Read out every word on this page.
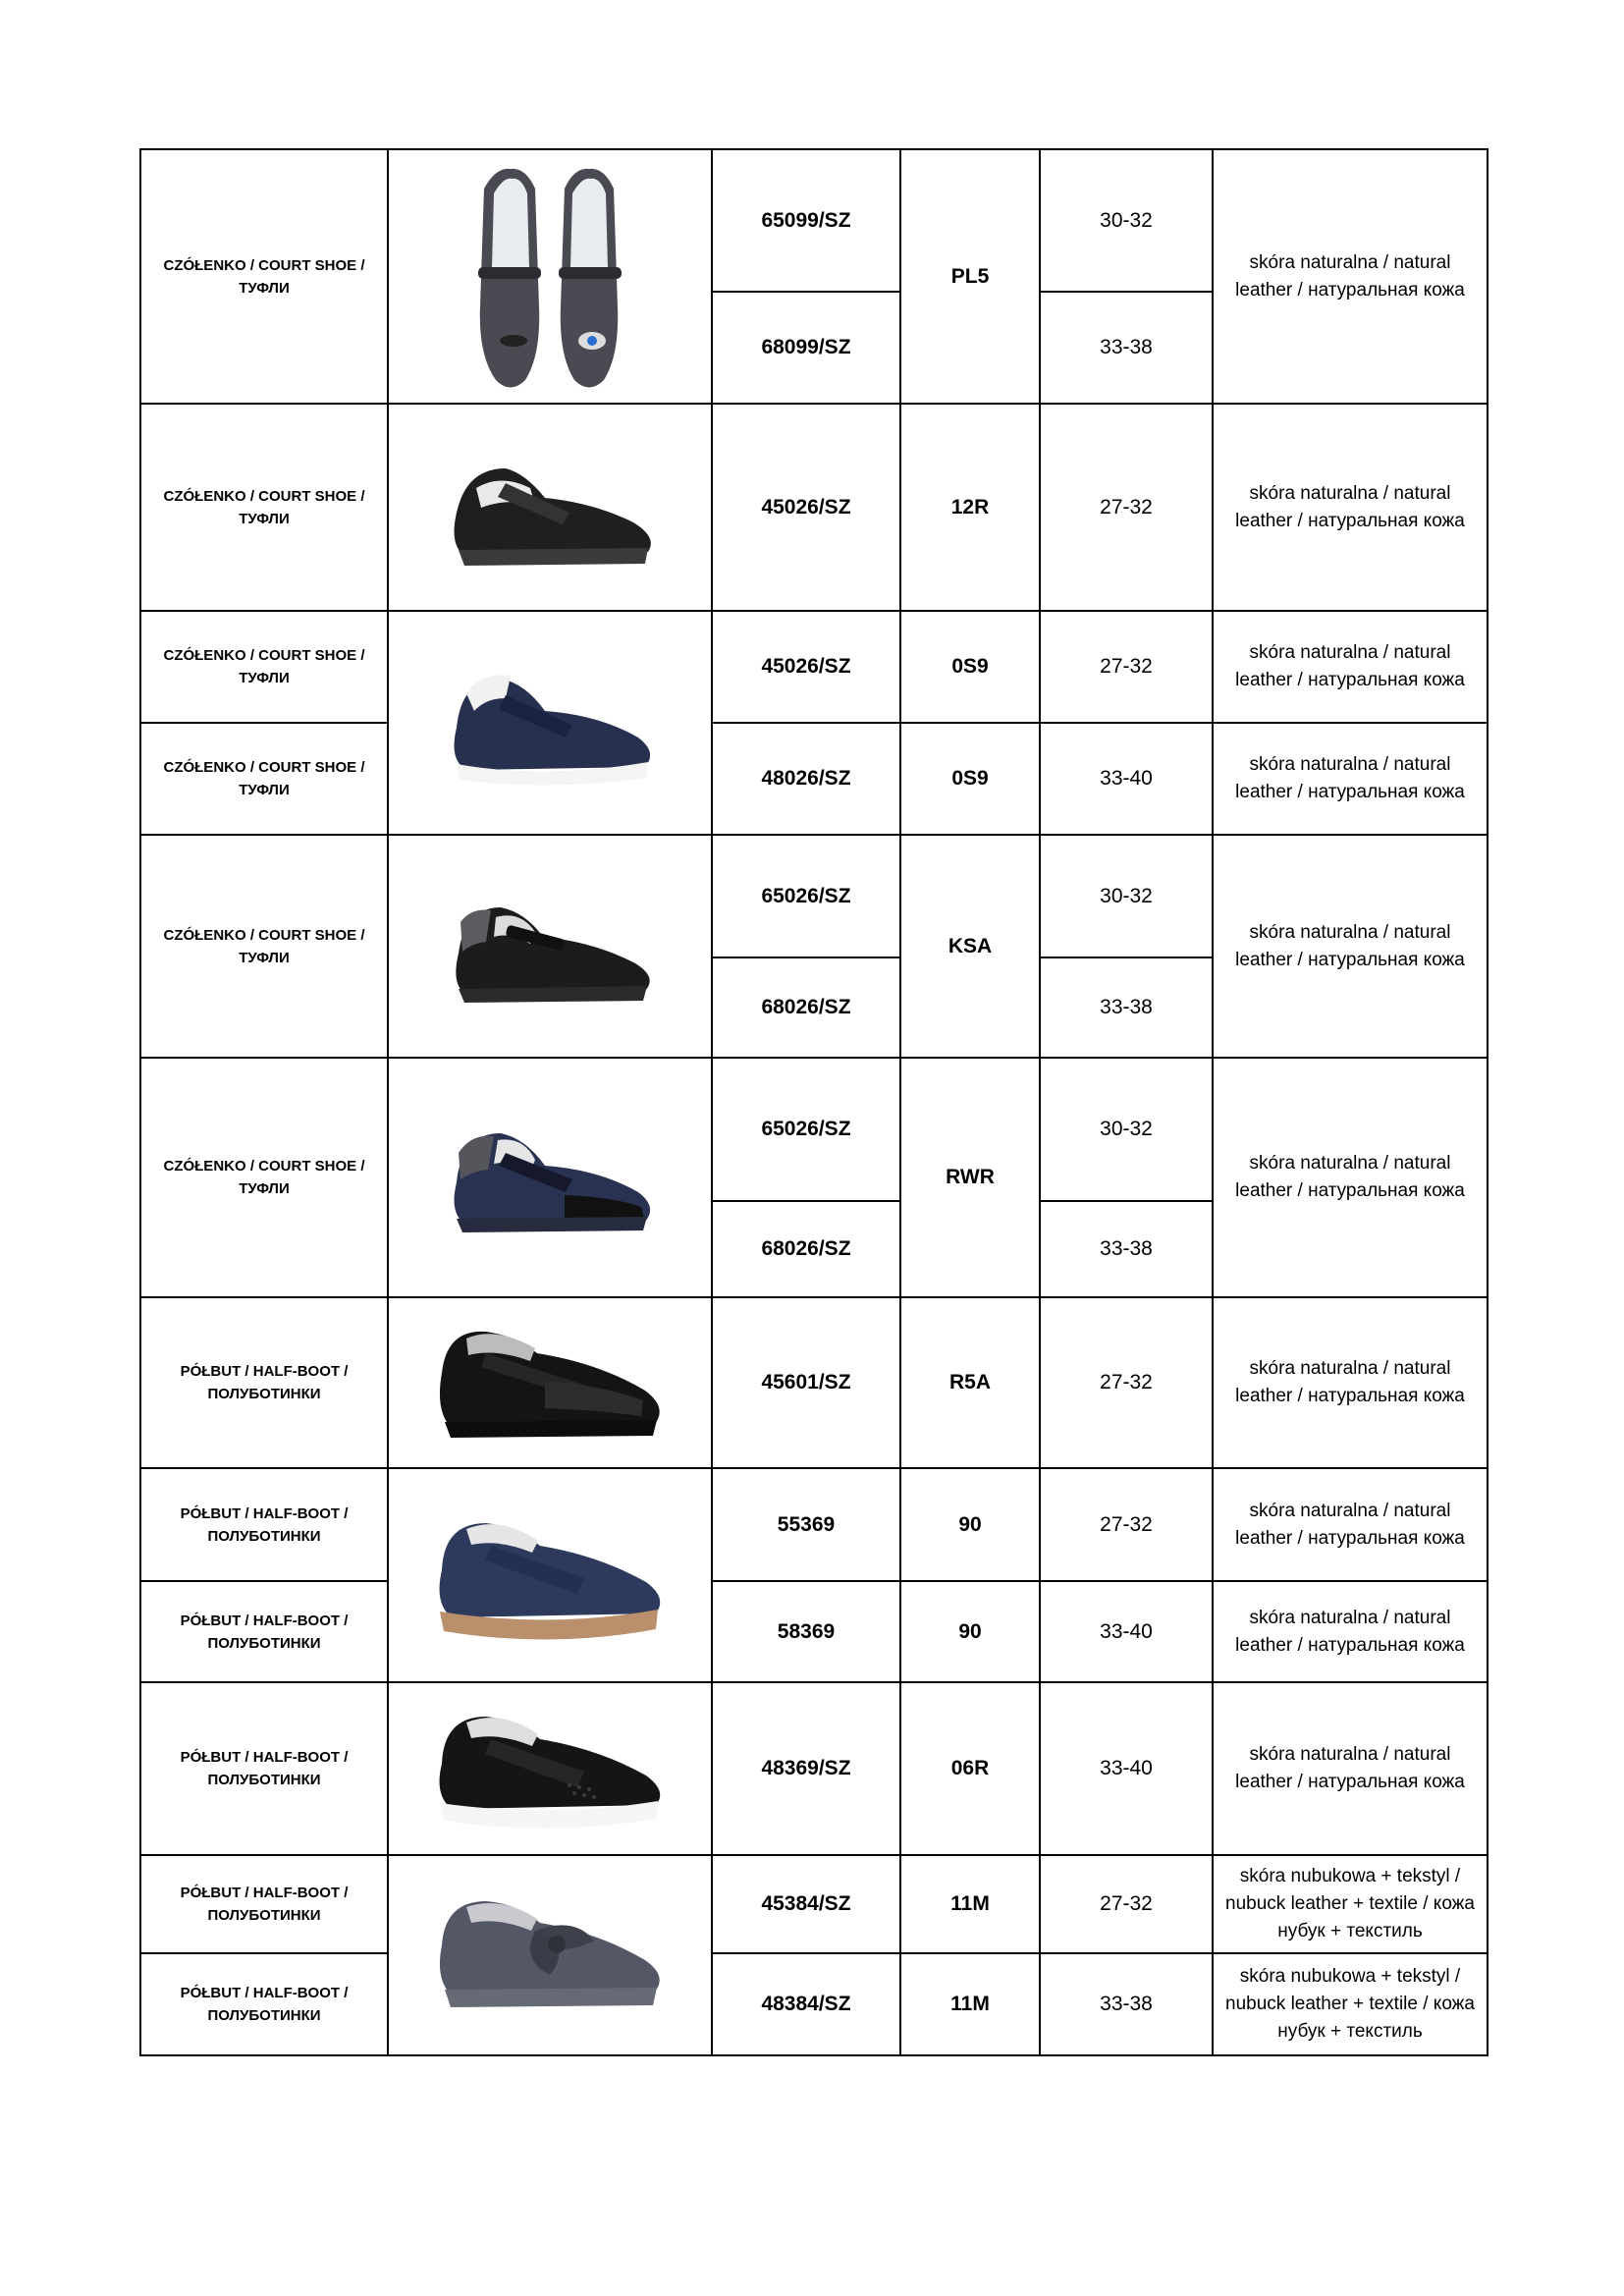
CZÓŁENKO / COURT SHOE / ТУФЛИ		65099/SZ	PL5	30-32	skóra naturalna / natural leather / натуральная кожа
		68099/SZ		33-38	
CZÓŁENKO / COURT SHOE / ТУФЛИ		45026/SZ	12R	27-32	skóra naturalna / natural leather / натуральная кожа
CZÓŁENKO / COURT SHOE / ТУФЛИ		45026/SZ	0S9	27-32	skóra naturalna / natural leather / натуральная кожа
CZÓŁENKO / COURT SHOE / ТУФЛИ		48026/SZ	0S9	33-40	skóra naturalna / natural leather / натуральная кожа
CZÓŁENKO / COURT SHOE / ТУФЛИ		65026/SZ	KSA	30-32	skóra naturalna / natural leather / натуральная кожа
		68026/SZ		33-38	
CZÓŁENKO / COURT SHOE / ТУФЛИ		65026/SZ	RWR	30-32	skóra naturalna / natural leather / натуральная кожа
		68026/SZ		33-38	
PÓŁBUT / HALF-BOOT / ПОЛУБОТИНКИ		45601/SZ	R5A	27-32	skóra naturalna / natural leather / натуральная кожа
PÓŁBUT / HALF-BOOT / ПОЛУБОТИНКИ		55369	90	27-32	skóra naturalna / natural leather / натуральная кожа
PÓŁBUT / HALF-BOOT / ПОЛУБОТИНКИ		58369	90	33-40	skóra naturalna / natural leather / натуральная кожа
PÓŁBUT / HALF-BOOT / ПОЛУБОТИНКИ		48369/SZ	06R	33-40	skóra naturalna / natural leather / натуральная кожа
PÓŁBUT / HALF-BOOT / ПОЛУБОТИНКИ		45384/SZ	11M	27-32	skóra nubukowa + tekstyl / nubuck leather + textile / кожа нубук + текстиль
PÓŁBUT / HALF-BOOT / ПОЛУБОТИНКИ		48384/SZ	11M	33-38	skóra nubukowa + tekstyl / nubuck leather + textile / кожа нубук + текстиль
